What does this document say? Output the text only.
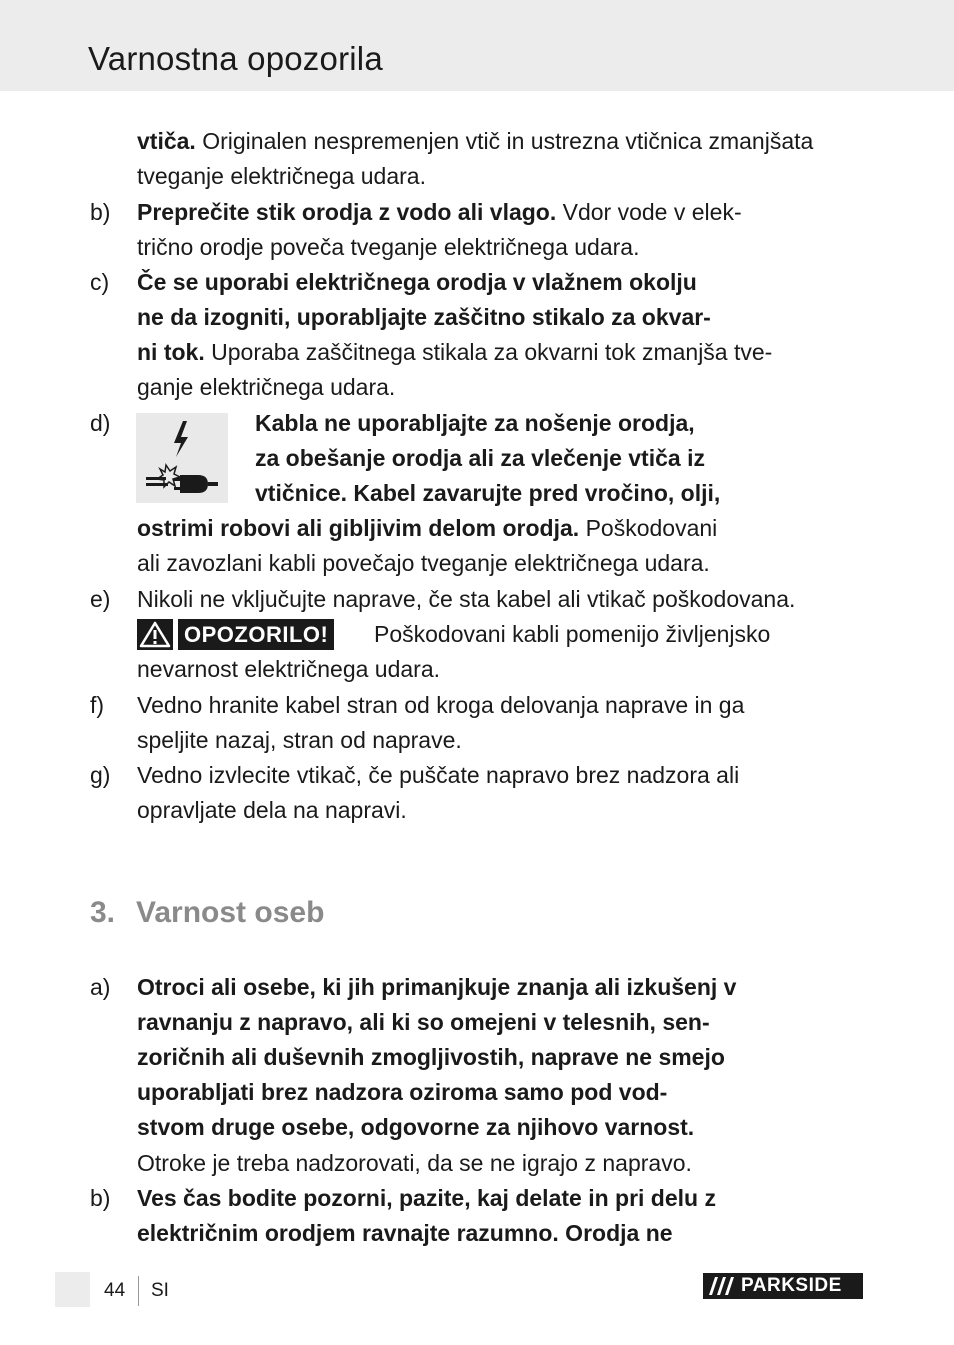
Varnostna opozorila
vtiča. Originalen nespremenjen vtič in ustrezna vtičnica zmanjšata
tveganje električnega udara.
b) Preprečite stik orodja z vodo ali vlago. Vdor vode v elek-
trično orodje poveča tveganje električnega udara.
c) Če se uporabi električnega orodja v vlažnem okolju
ne da izogniti, uporabljajte zaščitno stikalo za okvar-
ni tok. Uporaba zaščitnega stikala za okvarni tok zmanjša tve-
ganje električnega udara.
d)	Kabla ne uporabljajte za nošenje orodja,
za obešanje orodja ali za vlečenje vtiča iz
vtičnice. Kabel zavarujte pred vročino, olji,
ostrimi robovi ali gibljivim delom orodja. Poškodovani
ali zavozlani kabli povečajo tveganje električnega udara.
e) Nikoli ne vključujte naprave, če sta kabel ali vtikač poškodovana.
OPOZORILO! Poškodovani kabli pomenijo življenjsko
nevarnost električnega udara.
f) Vedno hranite kabel stran od kroga delovanja naprave in ga
speljite nazaj, stran od naprave.
g) Vedno izvlecite vtikač, če puščate napravo brez nadzora ali
opravljate dela na napravi.
3. Varnost oseb
a) Otroci ali osebe, ki jih primanjkuje znanja ali izkušenj v
ravnanju z napravo, ali ki so omejeni v telesnih, sen-
zoričnih ali duševnih zmogljivostih, naprave ne smejo
uporabljati brez nadzora oziroma samo pod vod-
stvom druge osebe, odgovorne za njihovo varnost.
Otroke je treba nadzorovati, da se ne igrajo z napravo.
b) Ves čas bodite pozorni, pazite, kaj delate in pri delu z
električnim orodjem ravnajte razumno. Orodja ne
44 SI	PARKSIDE
